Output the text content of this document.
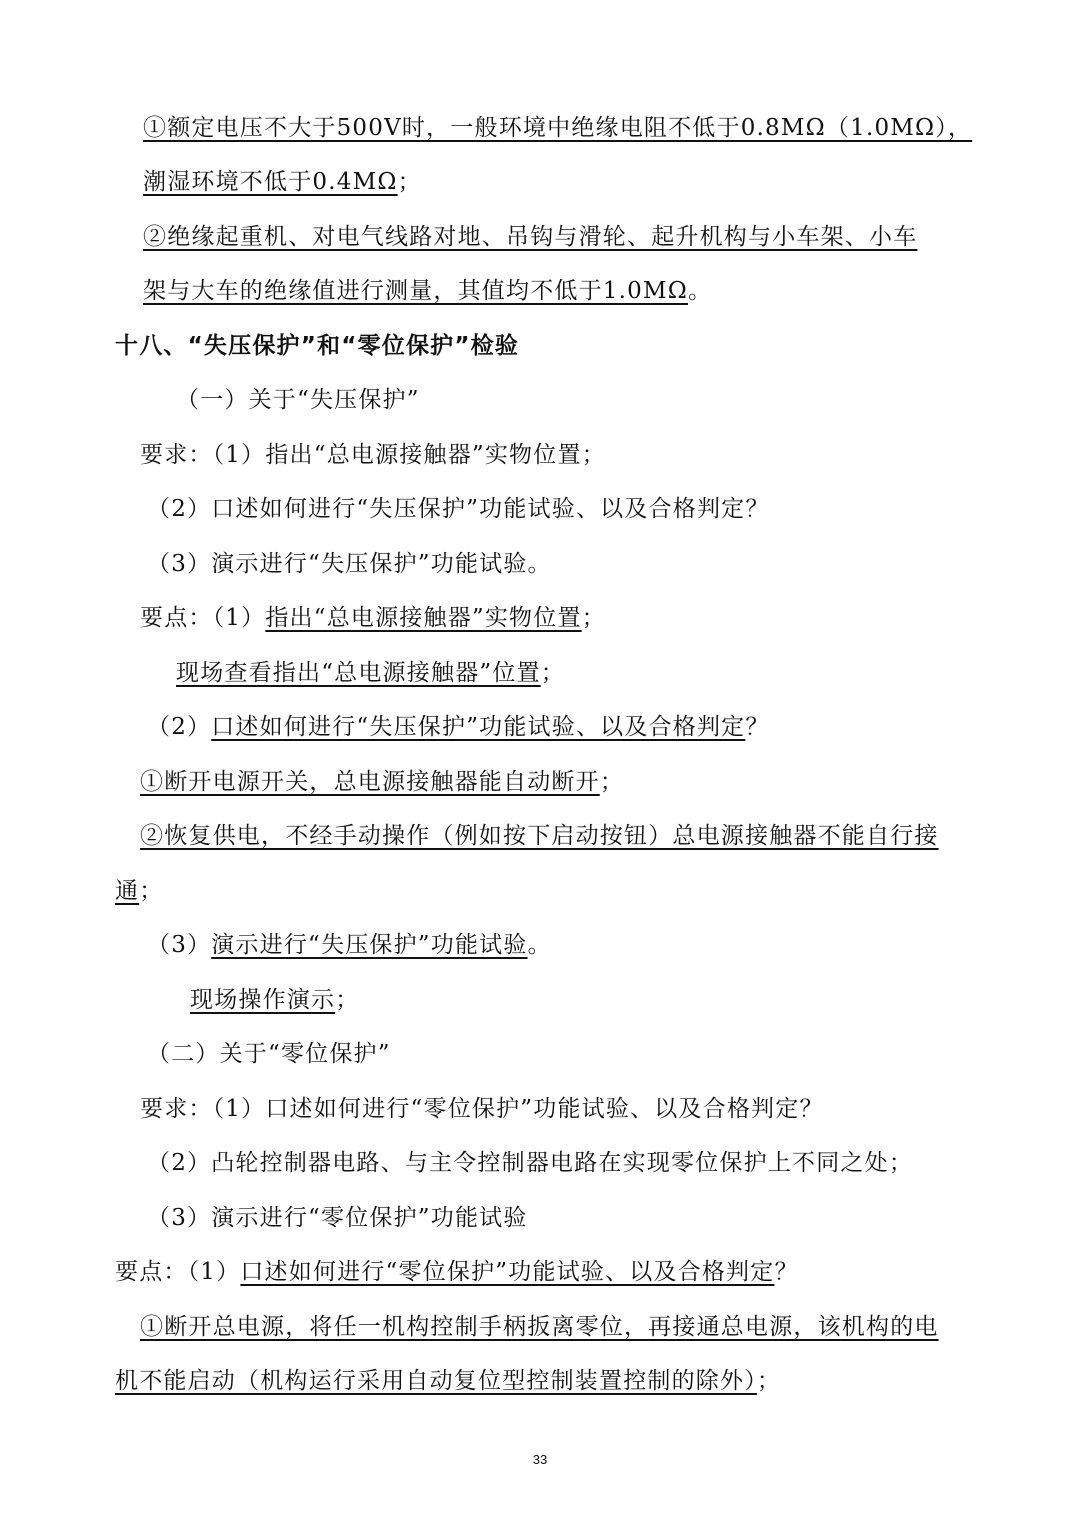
①额定电压不大于500V时，一般环境中绝缘电阻不低于0.8MΩ（1.0MΩ），
潮湿环境不低于0.4MΩ；
②绝缘起重机、对电气线路对地、吊钩与滑轮、起升机构与小车架、小车
架与大车的绝缘值进行测量，其值均不低于1.0MΩ。
十八、“失压保护”和“零位保护”检验
（一）关于“失压保护”
要求：（1）指出“总电源接触器”实物位置；
（2）口述如何进行“失压保护”功能试验、以及合格判定？
（3）演示进行“失压保护”功能试验。
要点：（1）指出“总电源接触器”实物位置；
现场查看指出“总电源接触器”位置；
（2）口述如何进行“失压保护”功能试验、以及合格判定？
①断开电源开关，总电源接触器能自动断开；
②恢复供电，不经手动操作（例如按下启动按钮）总电源接触器不能自行接
通；
（3）演示进行“失压保护”功能试验。
现场操作演示；
（二）关于“零位保护”
要求：（1）口述如何进行“零位保护”功能试验、以及合格判定？
（2）凸轮控制器电路、与主令控制器电路在实现零位保护上不同之处；
（3）演示进行“零位保护”功能试验
要点：（1）口述如何进行“零位保护”功能试验、以及合格判定？
①断开总电源，将任一机构控制手柄扳离零位，再接通总电源，该机构的电
机不能启动（机构运行采用自动复位型控制装置控制的除外）；
33
